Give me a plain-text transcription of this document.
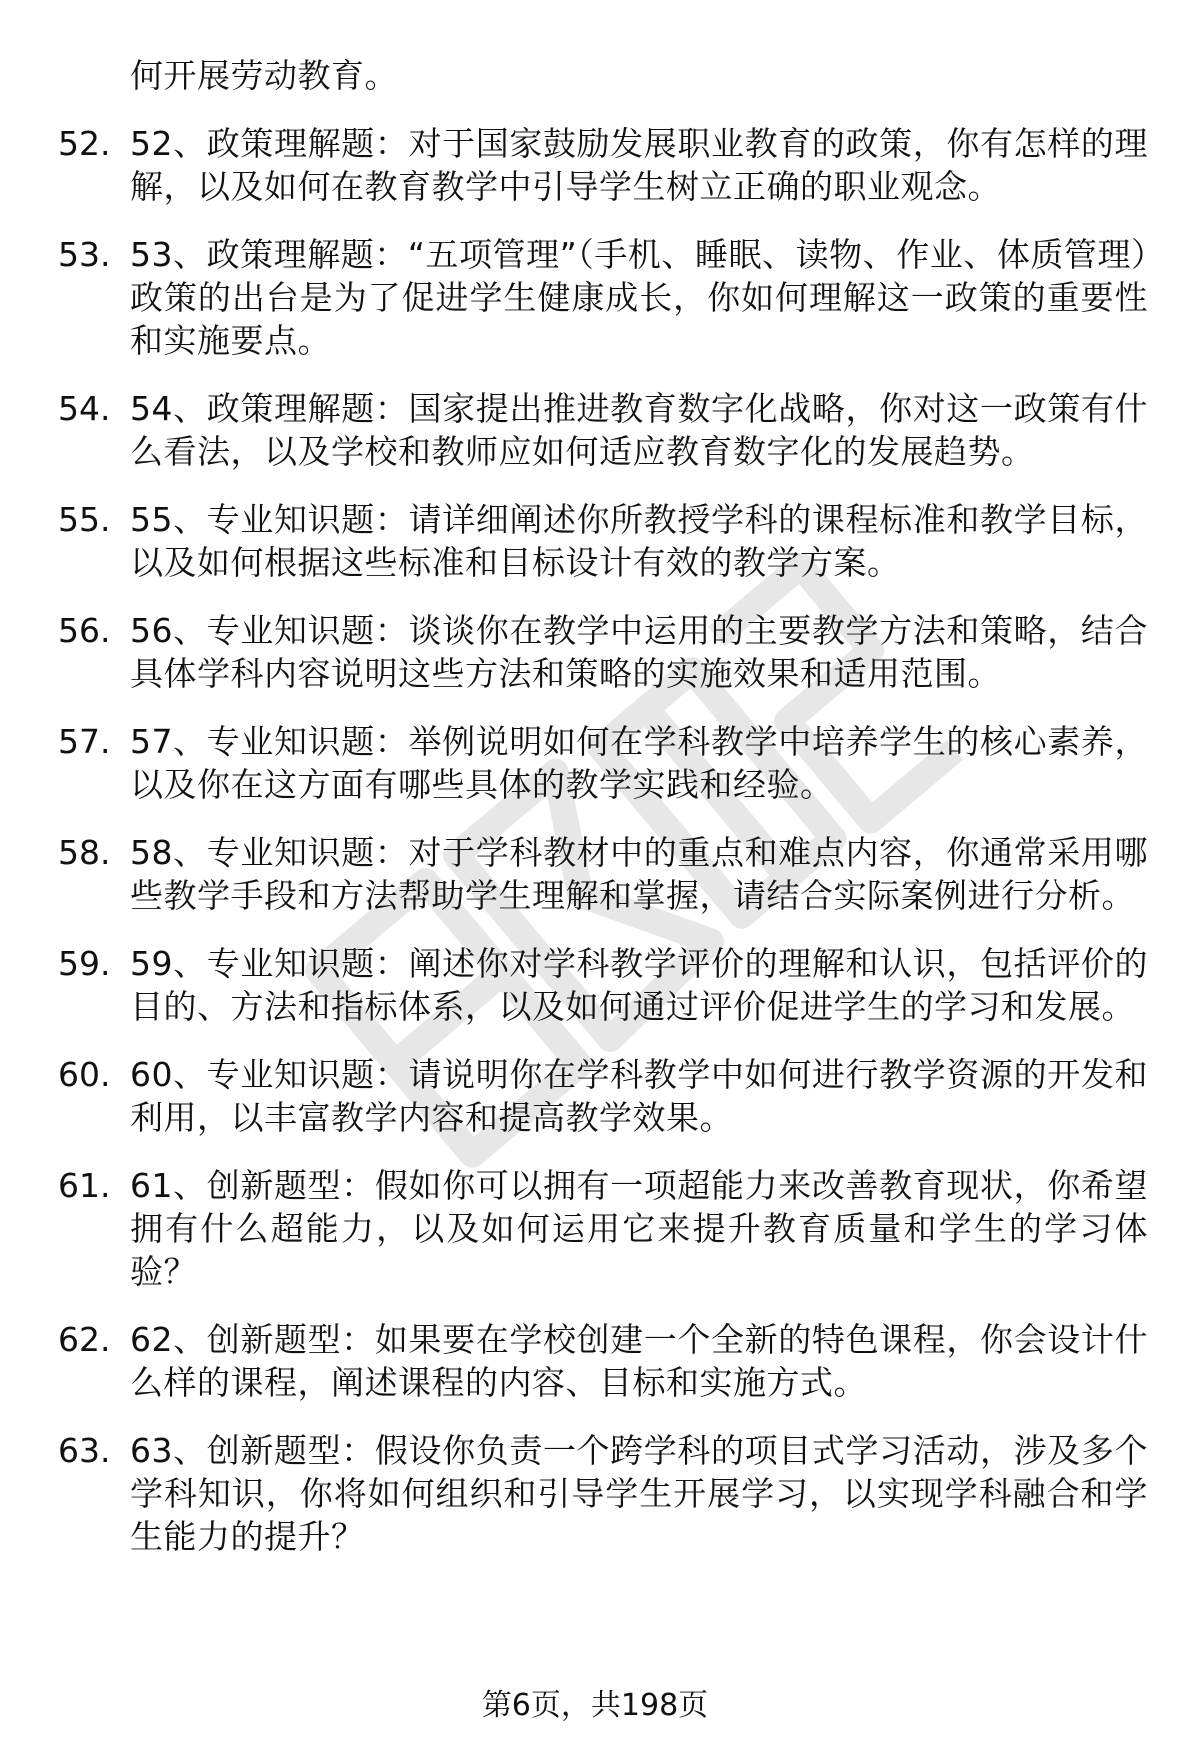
何开展劳动教育。
52. 52、政策理解题：对于国家鼓励发展职业教育的政策，你有怎样的理解，以及如何在教育教学中引导学生树立正确的职业观念。
53. 53、政策理解题：“五项管理”（手机、睡眠、读物、作业、体质管理）政策的出台是为了促进学生健康成长，你如何理解这一政策的重要性和实施要点。
54. 54、政策理解题：国家提出推进教育数字化战略，你对这一政策有什么看法，以及学校和教师应如何适应教育数字化的发展趋势。
55. 55、专业知识题：请详细阐述你所教授学科的课程标准和教学目标，以及如何根据这些标准和目标设计有效的教学方案。
56. 56、专业知识题：谈谈你在教学中运用的主要教学方法和策略，结合具体学科内容说明这些方法和策略的实施效果和适用范围。
57. 57、专业知识题：举例说明如何在学科教学中培养学生的核心素养，以及你在这方面有哪些具体的教学实践和经验。
58. 58、专业知识题：对于学科教材中的重点和难点内容，你通常采用哪些教学手段和方法帮助学生理解和掌握，请结合实际案例进行分析。
59. 59、专业知识题：阐述你对学科教学评价的理解和认识，包括评价的目的、方法和指标体系，以及如何通过评价促进学生的学习和发展。
60. 60、专业知识题：请说明你在学科教学中如何进行教学资源的开发和利用，以丰富教学内容和提高教学效果。
61. 61、创新题型：假如你可以拥有一项超能力来改善教育现状，你希望拥有什么超能力，以及如何运用它来提升教育质量和学生的学习体验？
62. 62、创新题型：如果要在学校创建一个全新的特色课程，你会设计什么样的课程，阐述课程的内容、目标和实施方式。
63. 63、创新题型：假设你负责一个跨学科的项目式学习活动，涉及多个学科知识，你将如何组织和引导学生开展学习，以实现学科融合和学生能力的提升？
第6页，共198页
